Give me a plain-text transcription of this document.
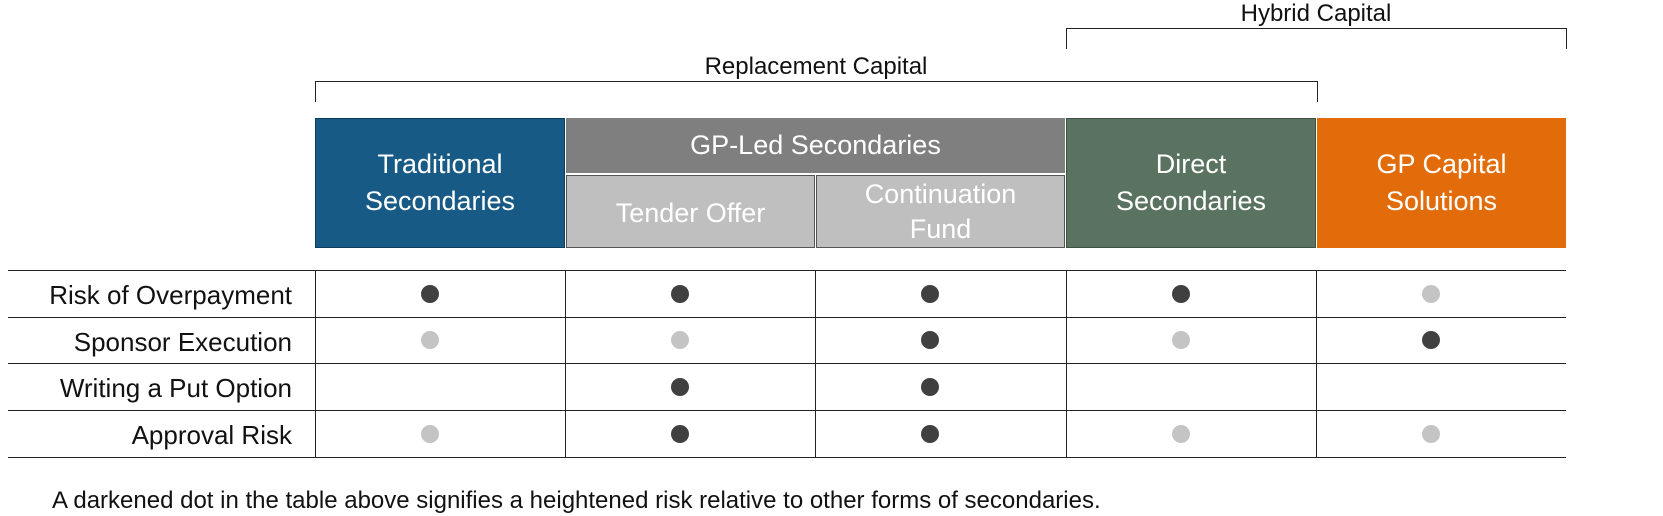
Hybrid Capital
Replacement Capital
Traditional Secondaries
GP-Led Secondaries
Tender Offer
Continuation Fund
Direct Secondaries
GP Capital Solutions
Risk of Overpayment
Sponsor Execution
Writing a Put Option
Approval Risk
A darkened dot in the table above signifies a heightened risk relative to other forms of secondaries.
